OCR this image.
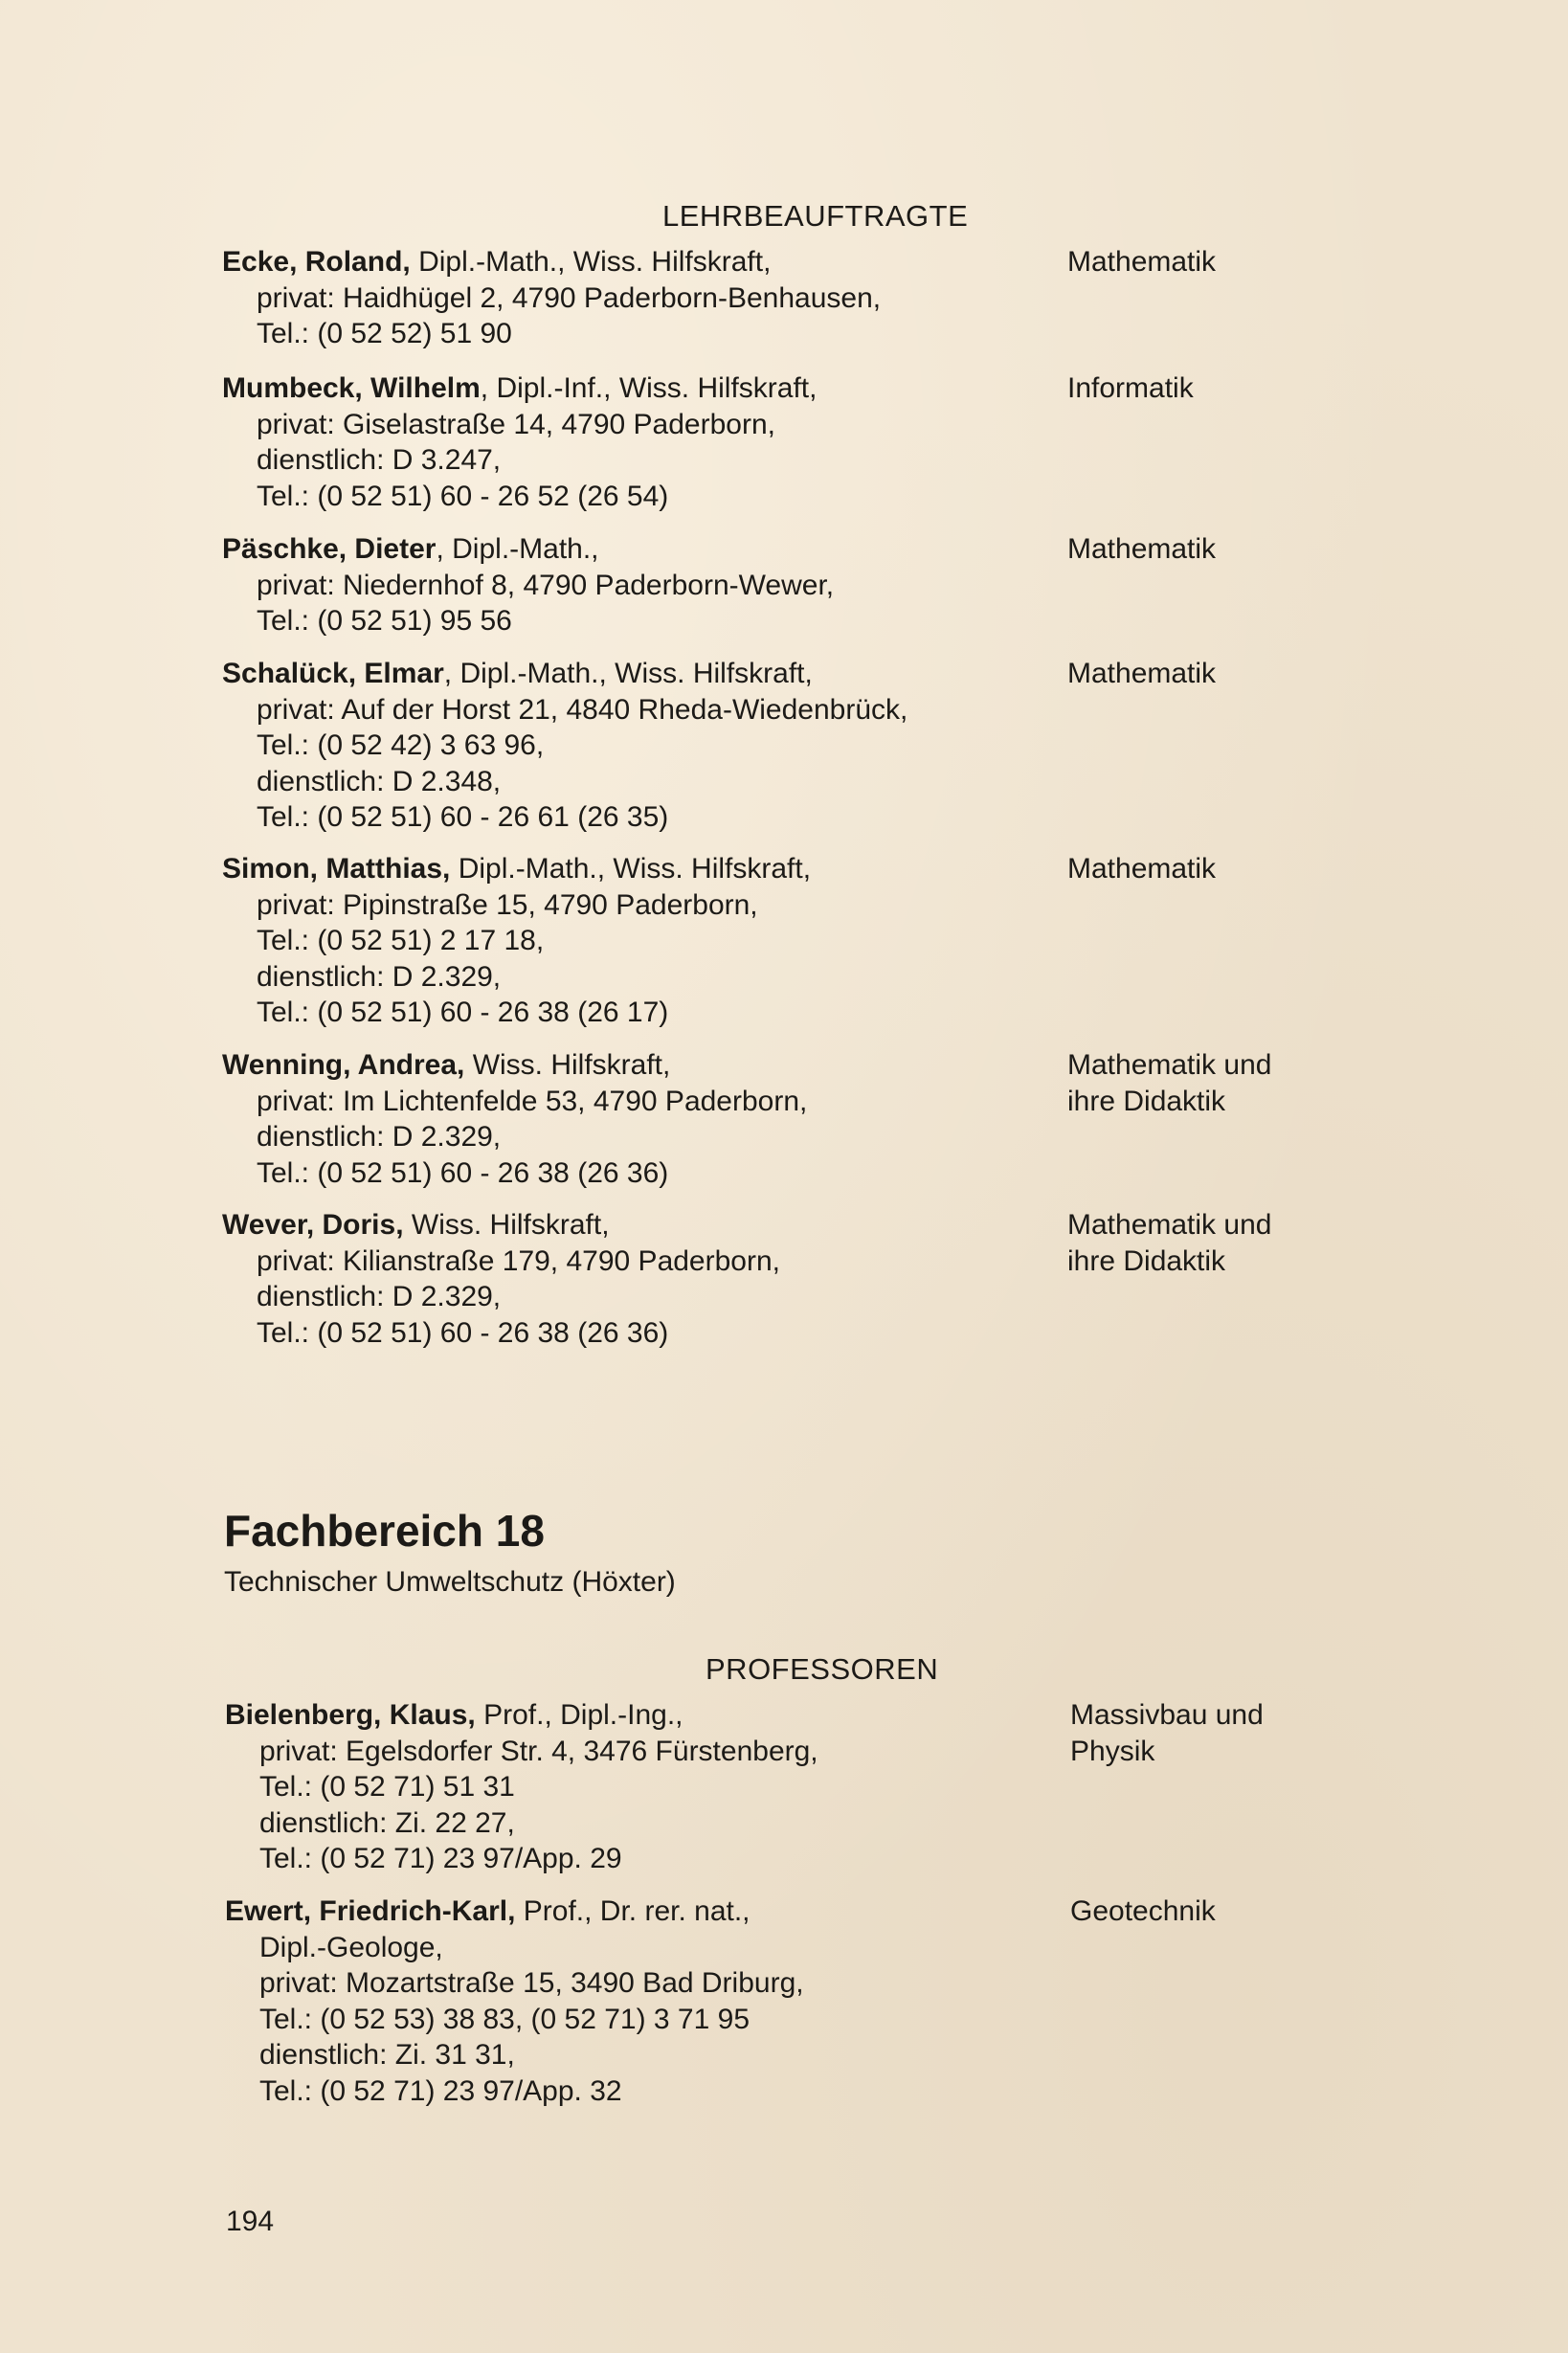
LEHRBEAUFTRAGTE
Ecke, Roland, Dipl.-Math., Wiss. Hilfskraft,
privat: Haidhügel 2, 4790 Paderborn-Benhausen,
Tel.: (0 52 52) 51 90
Mathematik
Mumbeck, Wilhelm, Dipl.-Inf., Wiss. Hilfskraft,
privat: Giselastraße 14, 4790 Paderborn,
dienstlich: D 3.247,
Tel.: (0 52 51) 60 - 26 52 (26 54)
Informatik
Päschke, Dieter, Dipl.-Math.,
privat: Niedernhof 8, 4790 Paderborn-Wewer,
Tel.: (0 52 51) 95 56
Mathematik
Schalück, Elmar, Dipl.-Math., Wiss. Hilfskraft,
privat: Auf der Horst 21, 4840 Rheda-Wiedenbrück,
Tel.: (0 52 42) 3 63 96,
dienstlich: D 2.348,
Tel.: (0 52 51) 60 - 26 61 (26 35)
Mathematik
Simon, Matthias, Dipl.-Math., Wiss. Hilfskraft,
privat: Pipinstraße 15, 4790 Paderborn,
Tel.: (0 52 51) 2 17 18,
dienstlich: D 2.329,
Tel.: (0 52 51) 60 - 26 38 (26 17)
Mathematik
Wenning, Andrea, Wiss. Hilfskraft,
privat: Im Lichtenfelde 53, 4790 Paderborn,
dienstlich: D 2.329,
Tel.: (0 52 51) 60 - 26 38 (26 36)
Mathematik und
ihre Didaktik
Wever, Doris, Wiss. Hilfskraft,
privat: Kilianstraße 179, 4790 Paderborn,
dienstlich: D 2.329,
Tel.: (0 52 51) 60 - 26 38 (26 36)
Mathematik und
ihre Didaktik
Fachbereich 18
Technischer Umweltschutz (Höxter)
PROFESSOREN
Bielenberg, Klaus, Prof., Dipl.-Ing.,
privat: Egelsdorfer Str. 4, 3476 Fürstenberg,
Tel.: (0 52 71) 51 31
dienstlich: Zi. 22 27,
Tel.: (0 52 71) 23 97/App. 29
Massivbau und
Physik
Ewert, Friedrich-Karl, Prof., Dr. rer. nat.,
Dipl.-Geologe,
privat: Mozartstraße 15, 3490 Bad Driburg,
Tel.: (0 52 53) 38 83, (0 52 71) 3 71 95
dienstlich: Zi. 31 31,
Tel.: (0 52 71) 23 97/App. 32
Geotechnik
194
